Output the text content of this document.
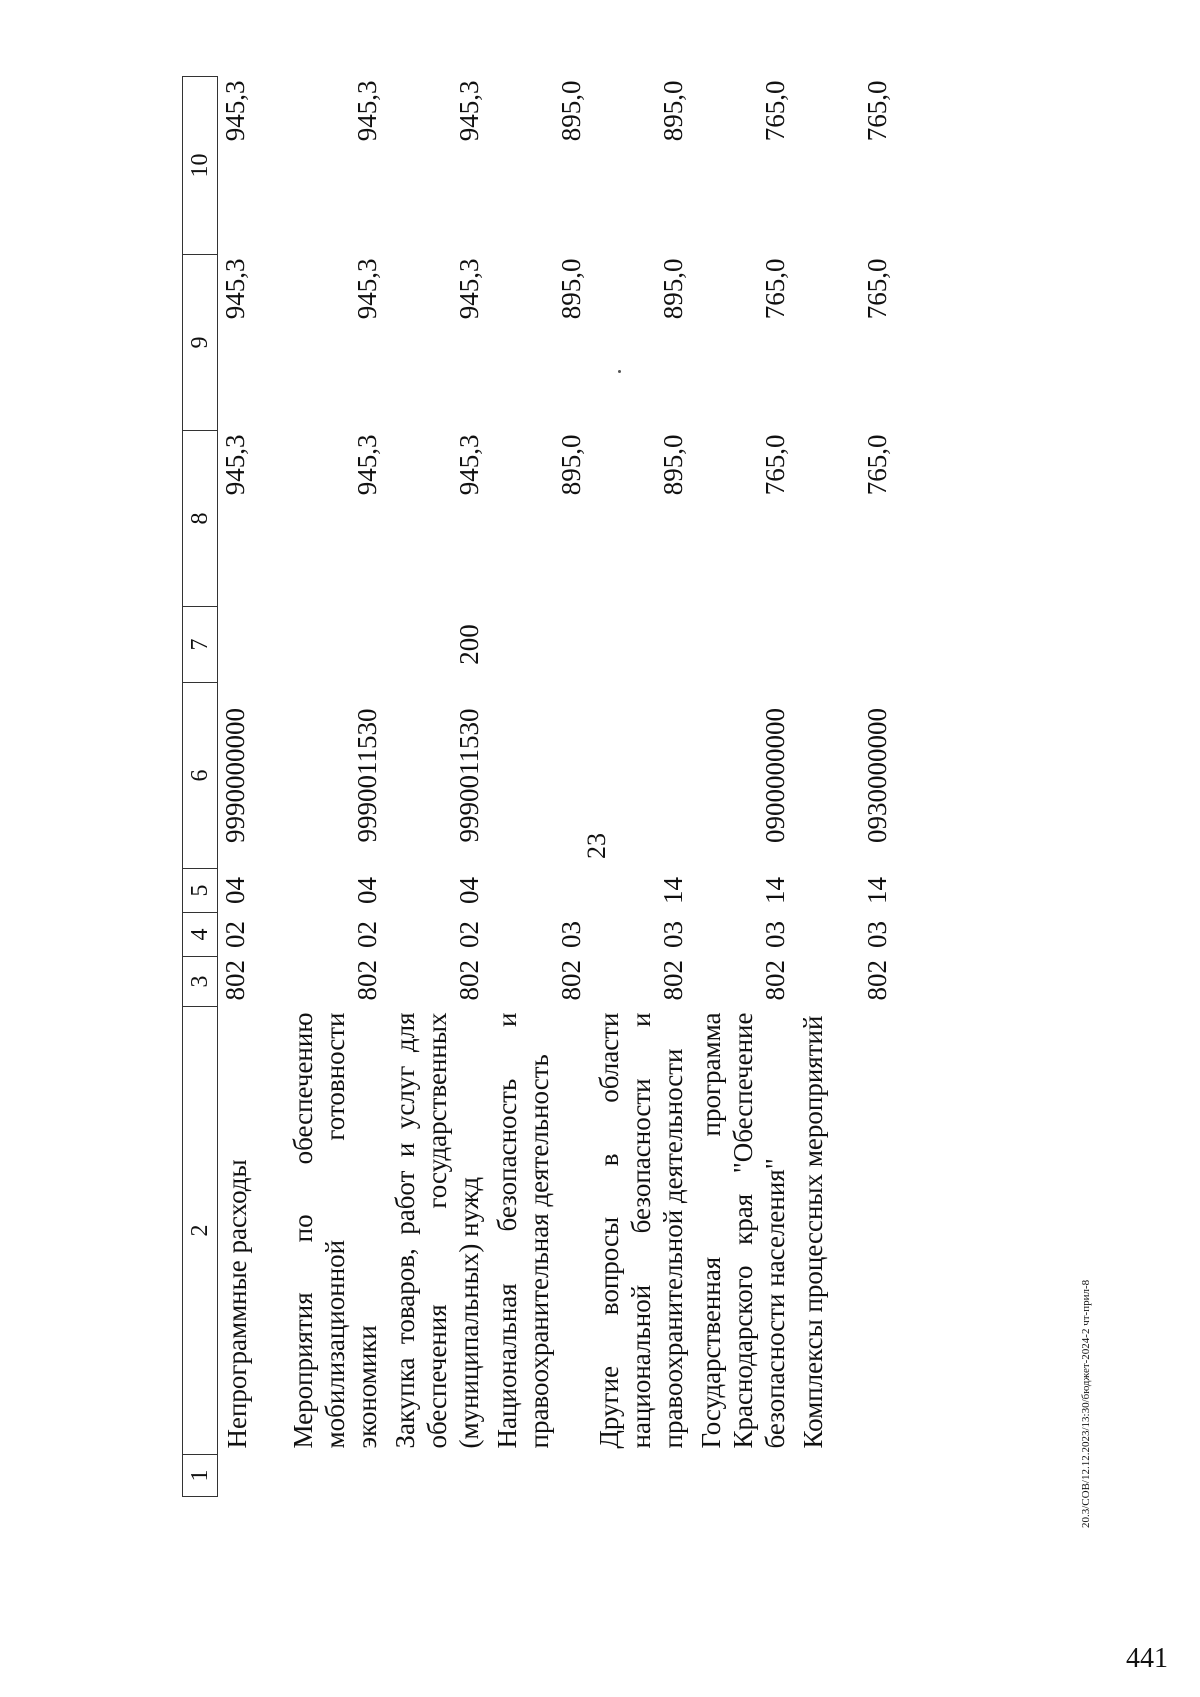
23
1	2	3	4	5	6	7	8	9	10
	Непрограммные расходы	802	02	04	9990000000		945,3	945,3	945,3
	Мероприятия по обеспечению мобилизационной готовности экономики	802	02	04	9990011530		945,3	945,3	945,3
	Закупка товаров, работ и услуг для обеспечения государственных (муниципальных) нужд	802	02	04	9990011530	200	945,3	945,3	945,3
	Национальная безопасность и правоохранительная деятельность	802	03				895,0	895,0	895,0
	Другие вопросы в области национальной безопасности и правоохранительной деятельности	802	03	14			895,0	895,0	895,0
	Государственная программа Краснодарского края "Обеспечение безопасности населения"	802	03	14	0900000000		765,0	765,0	765,0
	Комплексы процессных мероприятий	802	03	14	0930000000		765,0	765,0	765,0
20.3/СОВ/12.12.2023/13:30/бюджет-2024-2 чт-прил-8
441
